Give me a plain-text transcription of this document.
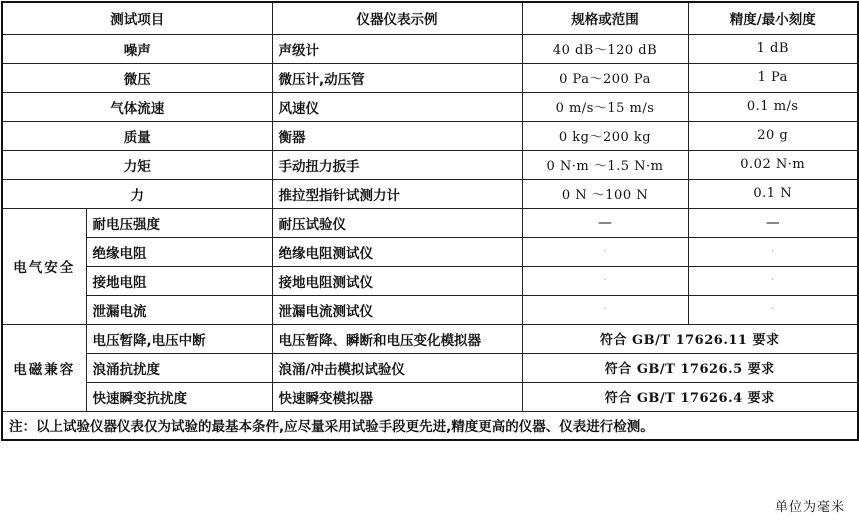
测试项目		仪器仪表示例	规格或范围	精度/最小刻度
噪声		声级计	40 dB～120 dB	1 dB
微压		微压计,动压管	0 Pa～200 Pa	1 Pa
气体流速		风速仪	0 m/s～15 m/s	0.1 m/s
质量		衡器	0 kg～200 kg	20 g
力矩		手动扭力扳手	0 N·m ～1.5 N·m	0.02 N·m
力		推拉型指针试测力计	0 N ～100 N	0.1 N
电气安全	耐电压强度	耐压试验仪	—	—
	绝缘电阻	绝缘电阻测试仪	·	·
	接地电阻	接地电阻测试仪	·	·
	泄漏电流	泄漏电流测试仪	·	·
电磁兼容	电压暂降,电压中断	电压暂降、瞬断和电压变化模拟器	符合 GB/T 17626.11 要求	
	浪涌抗扰度	浪涌/冲击模拟试验仪	符合 GB/T 17626.5 要求	
	快速瞬变抗扰度	快速瞬变模拟器	符合 GB/T 17626.4 要求	
注：以上试验仪器仪表仅为试验的最基本条件,应尽量采用试验手段更先进,精度更高的仪器、仪表进行检测。				
单位为毫米
